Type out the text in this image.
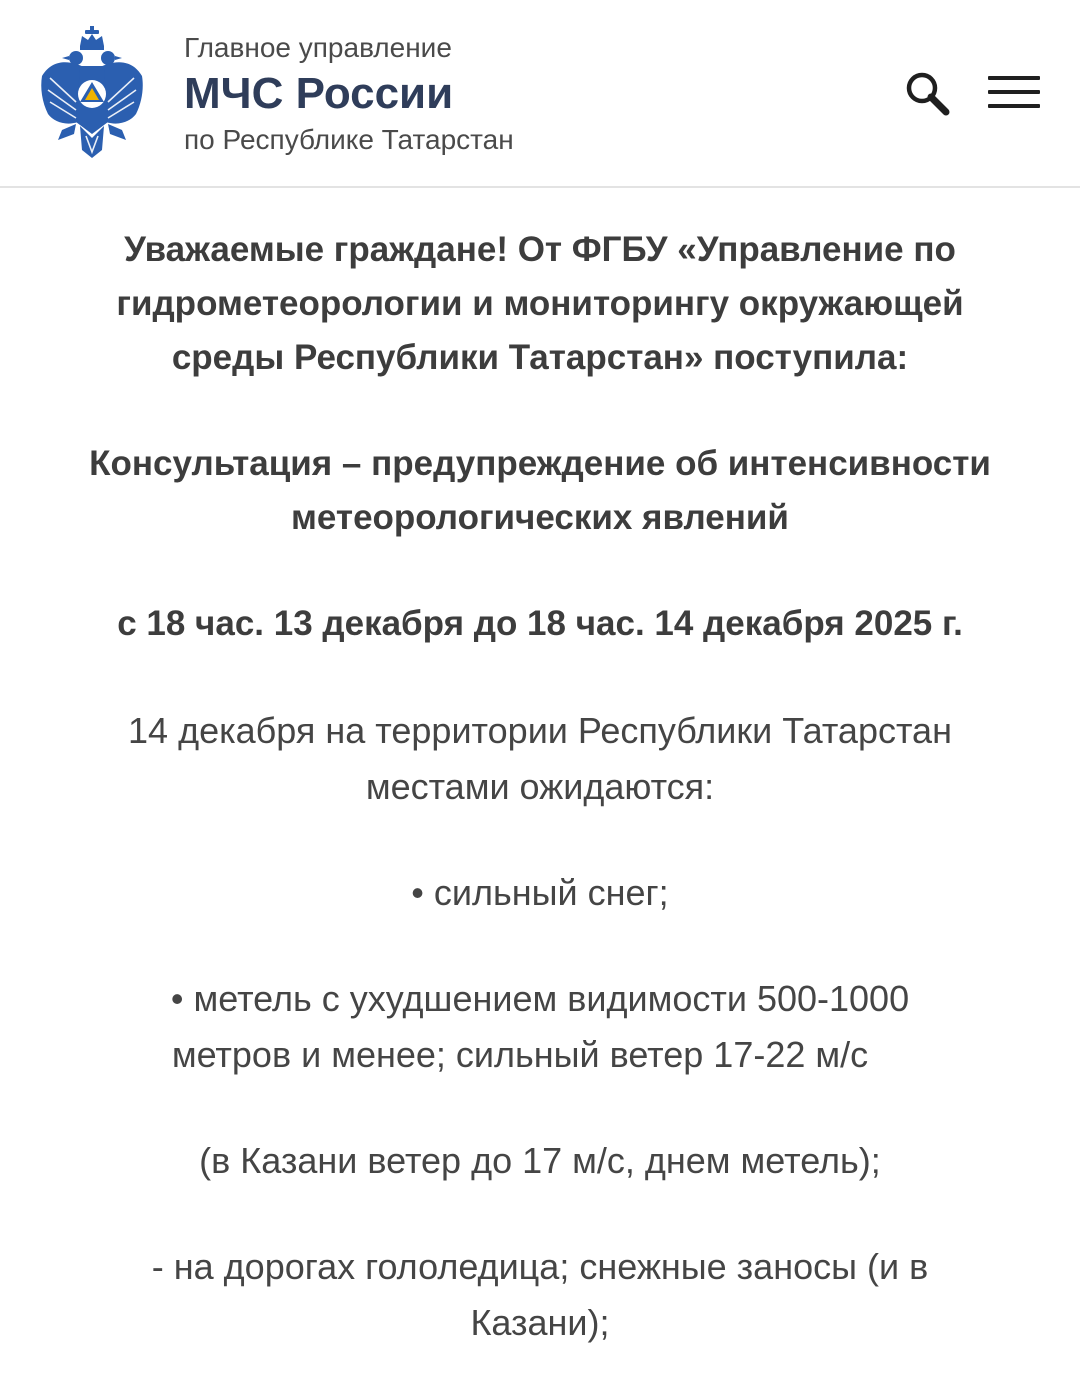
Главное управление
МЧС России
по Республике Татарстан
Уважаемые граждане! От ФГБУ «Управление по
гидрометеорологии и мониторингу окружающей
среды Республики Татарстан» поступила:
Консультация – предупреждение об интенсивности
метеорологических явлений
с 18 час. 13 декабря до 18 час. 14 декабря 2025 г.
14 декабря на территории Республики Татарстан
местами ожидаются:
• сильный снег;
• метель с ухудшением видимости 500-1000
метров и менее; сильный ветер 17-22 м/с
(в Казани ветер до 17 м/с, днем метель);
- на дорогах гололедица; снежные заносы (и в
Казани);
